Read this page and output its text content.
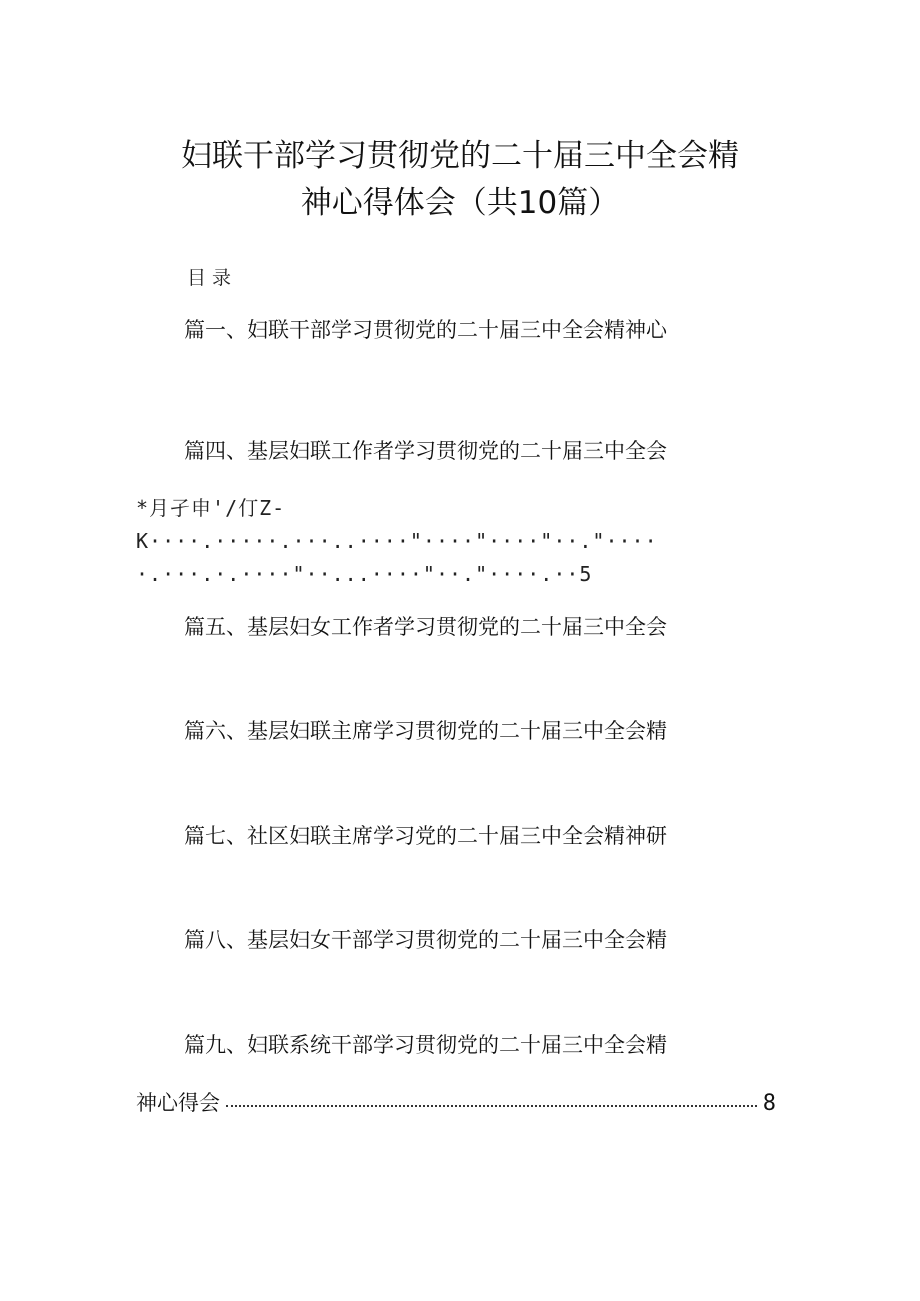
妇联干部学习贯彻党的二十届三中全会精
神心得体会（共10篇）
目录
篇一、妇联干部学习贯彻党的二十届三中全会精神心
篇四、基层妇联工作者学习贯彻党的二十届三中全会
*月孑申'/仃Z-
K····.·····.···..····"····"····"··."····
·.···.·.····"··...····"··."····.··5
篇五、基层妇女工作者学习贯彻党的二十届三中全会
篇六、基层妇联主席学习贯彻党的二十届三中全会精
篇七、社区妇联主席学习党的二十届三中全会精神研
篇八、基层妇女干部学习贯彻党的二十届三中全会精
篇九、妇联系统干部学习贯彻党的二十届三中全会精
神心得会	8
